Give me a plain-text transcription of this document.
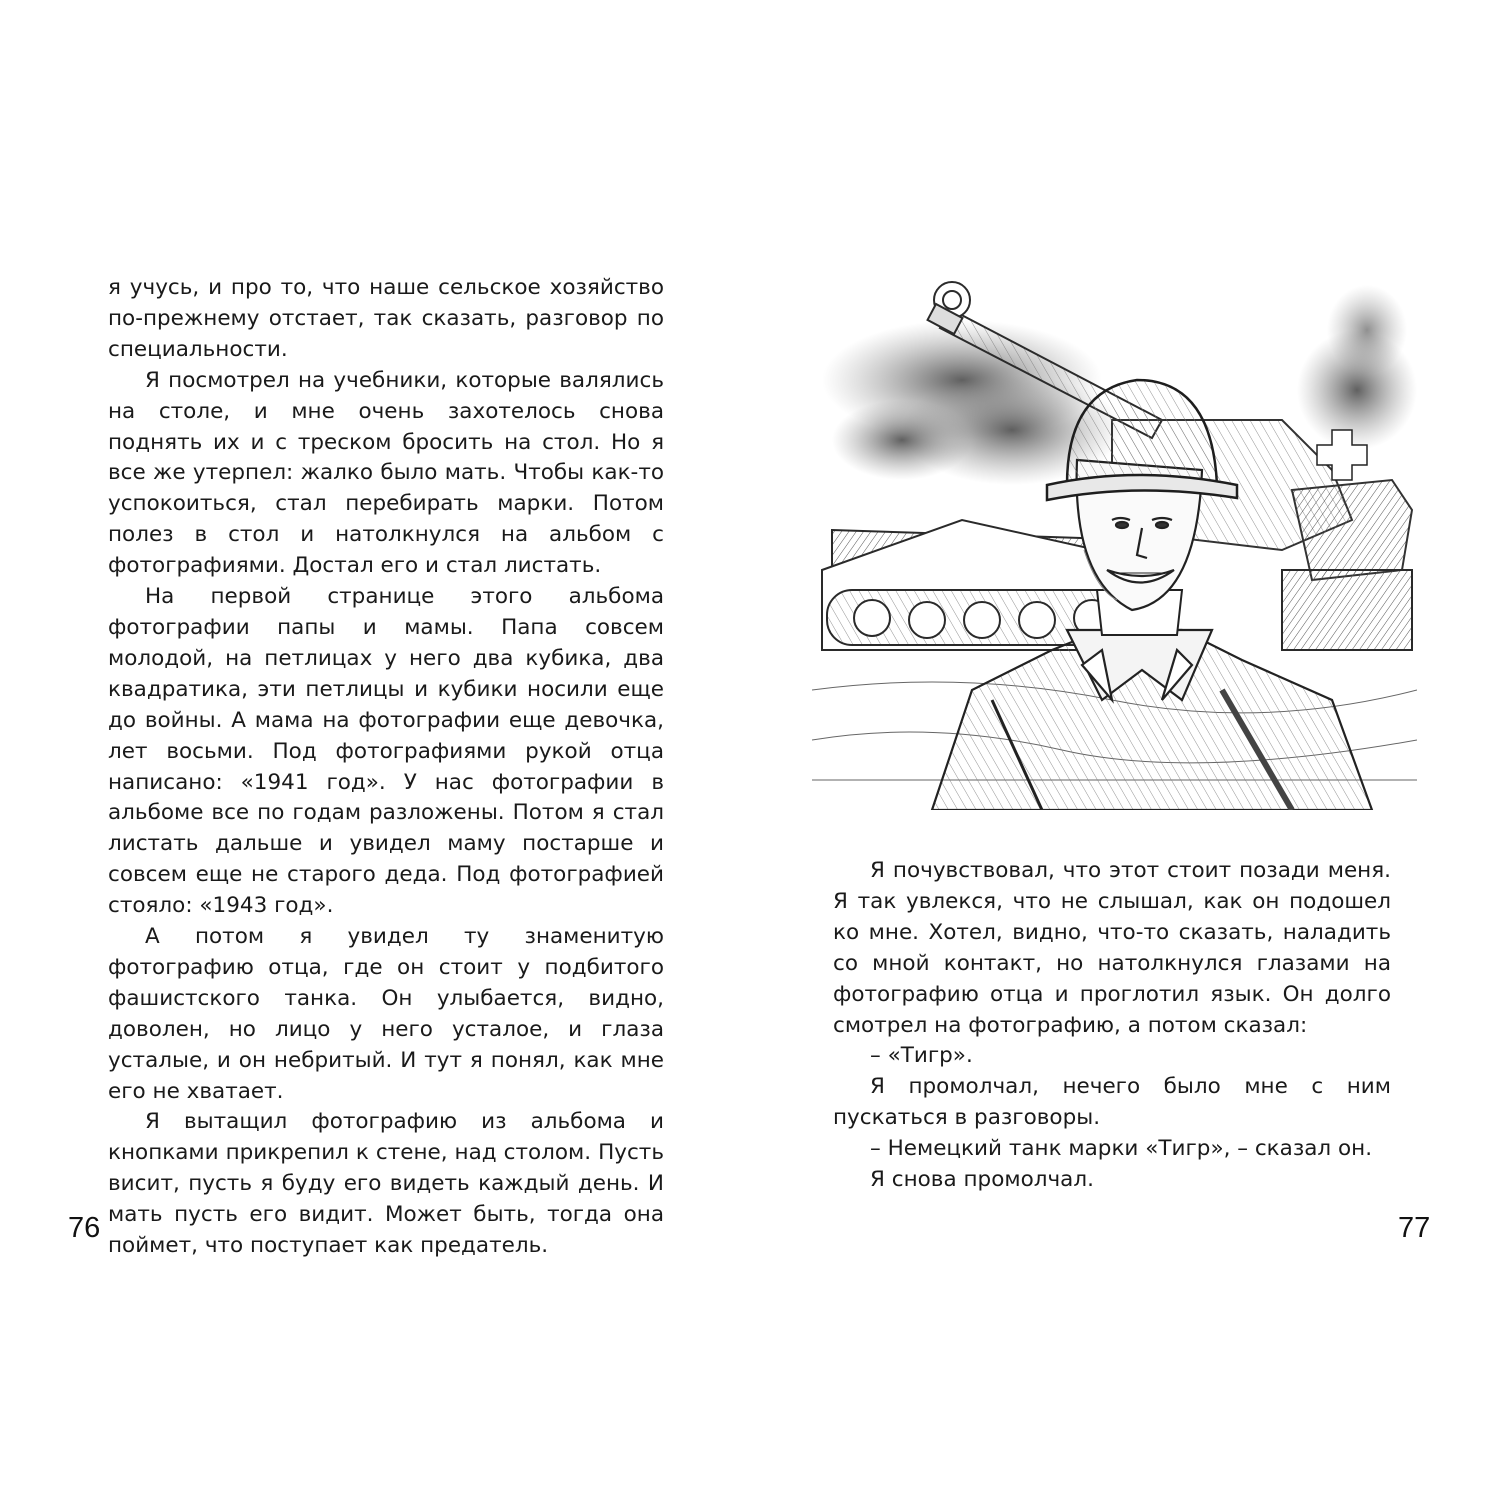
я учусь, и про то, что наше сельское хозяйство по-прежнему отстает, так сказать, разговор по специальности.

Я посмотрел на учебники, которые валялись на столе, и мне очень захотелось снова поднять их и с треском бросить на стол. Но я все же утерпел: жалко было мать. Чтобы как-то успокоиться, стал перебирать марки. Потом полез в стол и натолкнулся на альбом с фотографиями. Достал его и стал листать.

На первой странице этого альбома фотографии папы и мамы. Папа совсем молодой, на петлицах у него два кубика, два квадратика, эти петлицы и кубики носили еще до войны. А мама на фотографии еще девочка, лет восьми. Под фотографиями рукой отца написано: «1941 год». У нас фотографии в альбоме все по годам разложены. Потом я стал листать дальше и увидел маму постарше и совсем еще не старого деда. Под фотографией стояло: «1943 год».

А потом я увидел ту знаменитую фотографию отца, где он стоит у подбитого фашистского танка. Он улыбается, видно, доволен, но лицо у него усталое, и глаза усталые, и он небритый. И тут я понял, как мне его не хватает.

Я вытащил фотографию из альбома и кнопками прикрепил к стене, над столом. Пусть висит, пусть я буду его видеть каждый день. И мать пусть его видит. Может быть, тогда она поймет, что поступает как предатель.

76

Я почувствовал, что этот стоит позади меня. Я так увлекся, что не слышал, как он подошел ко мне. Хотел, видно, что-то сказать, наладить со мной контакт, но натолкнулся глазами на фотографию отца и проглотил язык. Он долго смотрел на фотографию, а потом сказал:

– «Тигр».

Я промолчал, нечего было мне с ним пускаться в разговоры.

– Немецкий танк марки «Тигр», – сказал он.

Я снова промолчал.

77
